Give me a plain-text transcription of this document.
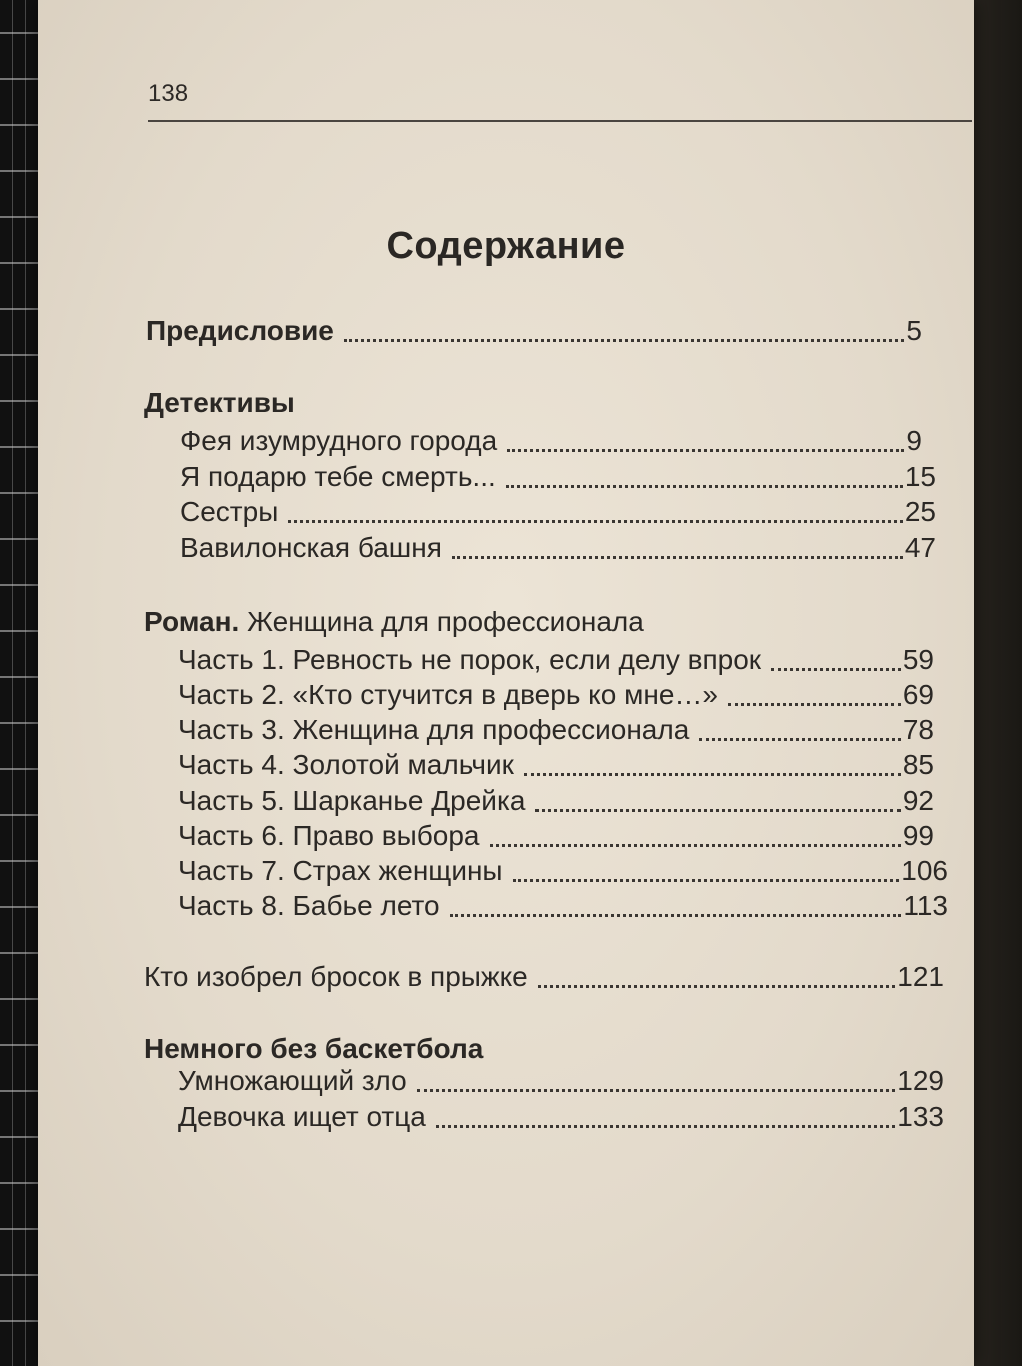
138
Содержание
Предисловие	5
Детективы
Фея изумрудного города	9
Я подарю тебе смерть...	15
Сестры	25
Вавилонская башня	47
Роман. Женщина для профессионала
Часть 1. Ревность не порок, если делу впрок	59
Часть 2. «Кто стучится в дверь ко мне…»	69
Часть 3. Женщина для профессионала	78
Часть 4. Золотой мальчик	85
Часть 5. Шарканье Дрейка	92
Часть 6. Право выбора	99
Часть 7. Страх женщины	106
Часть 8. Бабье лето	113
Кто изобрел бросок в прыжке	121
Немного без баскетбола
Умножающий зло	129
Девочка ищет отца	133
